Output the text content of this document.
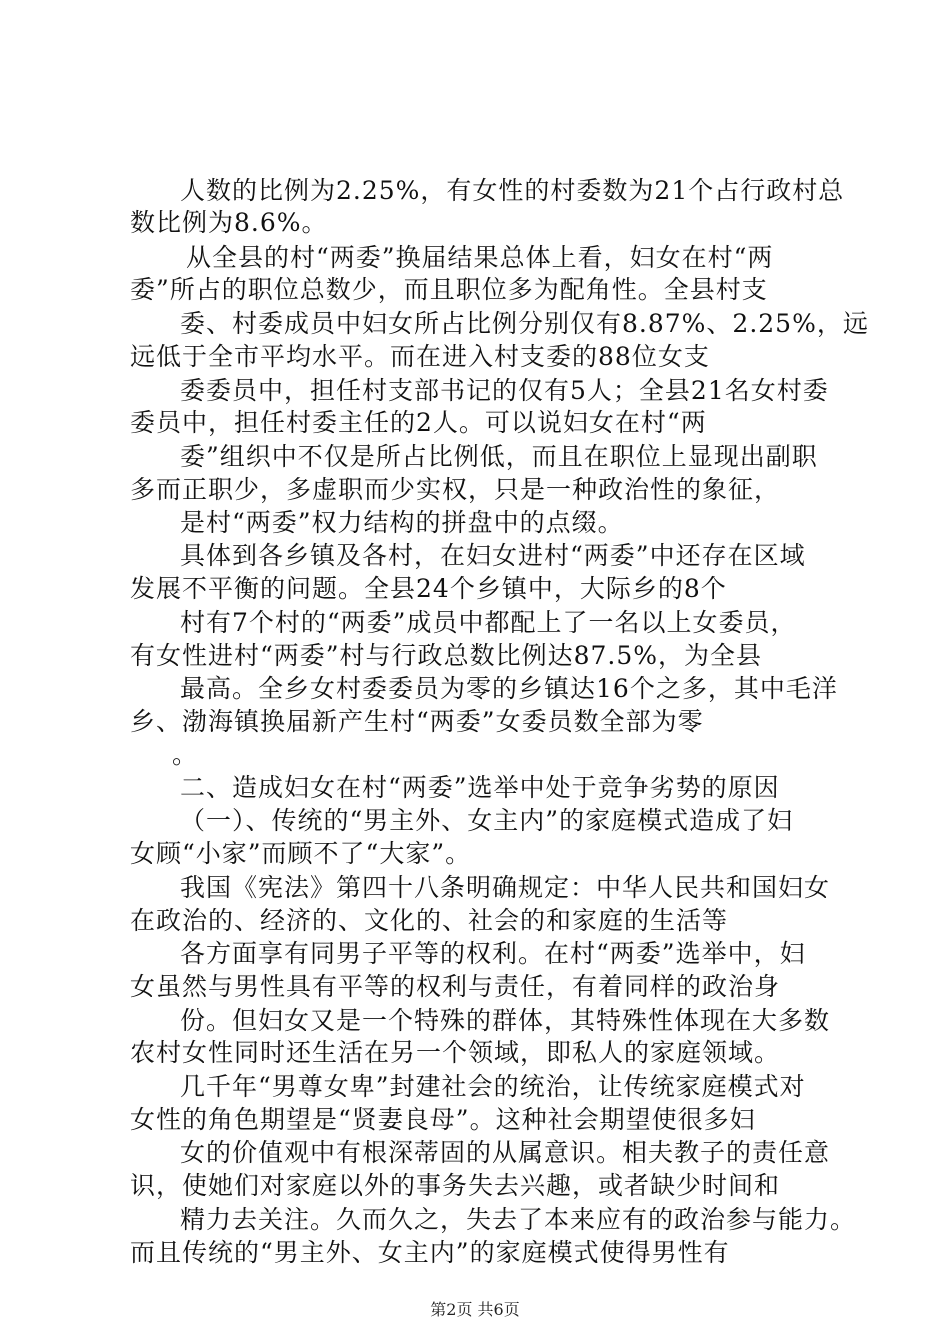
人数的比例为2.25%，有女性的村委数为21个占行政村总
数比例为8.6%。
从全县的村“两委”换届结果总体上看，妇女在村“两
委”所占的职位总数少，而且职位多为配角性。全县村支
委、村委成员中妇女所占比例分别仅有8.87%、2.25%，远
远低于全市平均水平。而在进入村支委的88位女支
委委员中，担任村支部书记的仅有5人；全县21名女村委
委员中，担任村委主任的2人。可以说妇女在村“两
委”组织中不仅是所占比例低，而且在职位上显现出副职
多而正职少，多虚职而少实权，只是一种政治性的象征，
是村“两委”权力结构的拼盘中的点缀。
具体到各乡镇及各村，在妇女进村“两委”中还存在区域
发展不平衡的问题。全县24个乡镇中，大际乡的8个
村有7个村的“两委”成员中都配上了一名以上女委员，
有女性进村“两委”村与行政总数比例达87.5%，为全县
最高。全乡女村委委员为零的乡镇达16个之多，其中毛洋
乡、渤海镇换届新产生村“两委”女委员数全部为零
。
二、造成妇女在村“两委”选举中处于竞争劣势的原因
（一）、传统的“男主外、女主内”的家庭模式造成了妇
女顾“小家”而顾不了“大家”。
我国《宪法》第四十八条明确规定：中华人民共和国妇女
在政治的、经济的、文化的、社会的和家庭的生活等
各方面享有同男子平等的权利。在村“两委”选举中，妇
女虽然与男性具有平等的权利与责任，有着同样的政治身
份。但妇女又是一个特殊的群体，其特殊性体现在大多数
农村女性同时还生活在另一个领域，即私人的家庭领域。
几千年“男尊女卑”封建社会的统治，让传统家庭模式对
女性的角色期望是“贤妻良母”。这种社会期望使很多妇
女的价值观中有根深蒂固的从属意识。相夫教子的责任意
识，使她们对家庭以外的事务失去兴趣，或者缺少时间和
精力去关注。久而久之，失去了本来应有的政治参与能力。
而且传统的“男主外、女主内”的家庭模式使得男性有
第2页 共6页
